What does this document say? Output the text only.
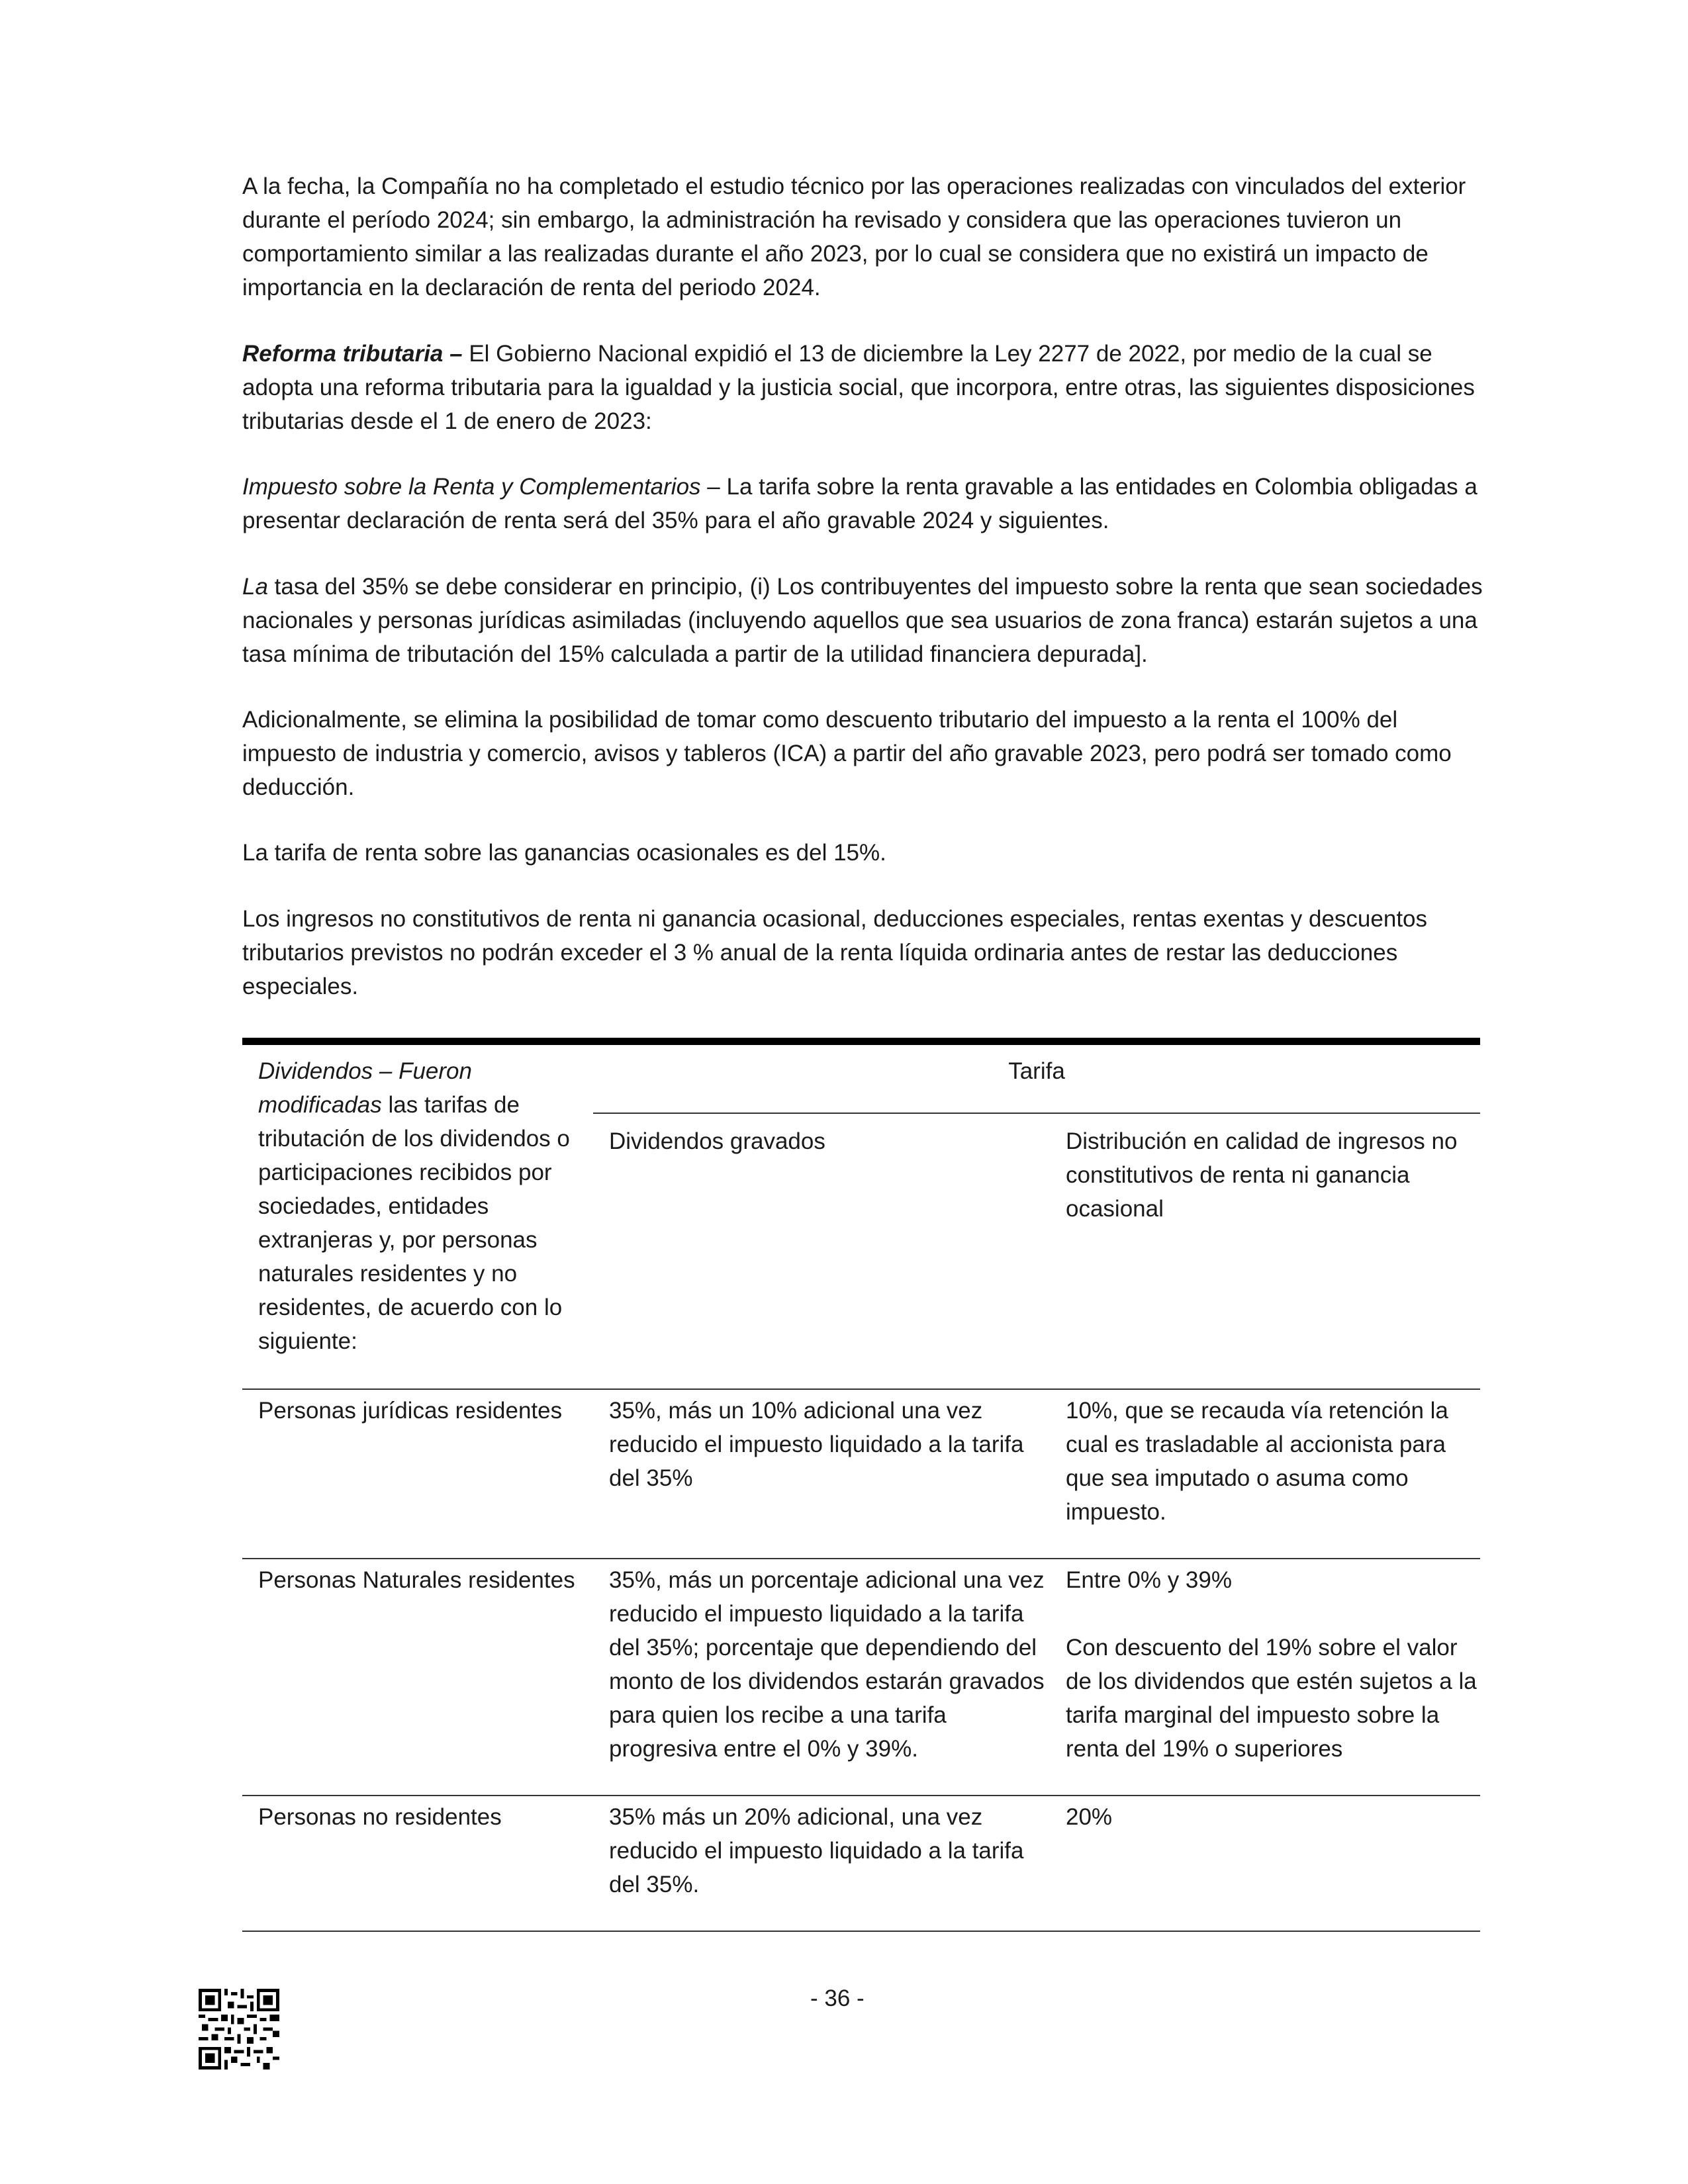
A la fecha, la Compañía no ha completado el estudio técnico por las operaciones realizadas con vinculados del exterior durante el período 2024; sin embargo, la administración ha revisado y considera que las operaciones tuvieron un comportamiento similar a las realizadas durante el año 2023, por lo cual se considera que no existirá un impacto de importancia en la declaración de renta del periodo 2024.

Reforma tributaria – El Gobierno Nacional expidió el 13 de diciembre la Ley 2277 de 2022, por medio de la cual se adopta una reforma tributaria para la igualdad y la justicia social, que incorpora, entre otras, las siguientes disposiciones tributarias desde el 1 de enero de 2023:

Impuesto sobre la Renta y Complementarios – La tarifa sobre la renta gravable a las entidades en Colombia obligadas a presentar declaración de renta será del 35% para el año gravable 2024 y siguientes.

La tasa del 35% se debe considerar en principio, (i) Los contribuyentes del impuesto sobre la renta que sean sociedades nacionales y personas jurídicas asimiladas (incluyendo aquellos que sea usuarios de zona franca) estarán sujetos a una tasa mínima de tributación del 15% calculada a partir de la utilidad financiera depurada].

Adicionalmente, se elimina la posibilidad de tomar como descuento tributario del impuesto a la renta el 100% del impuesto de industria y comercio, avisos y tableros (ICA) a partir del año gravable 2023, pero podrá ser tomado como deducción.

La tarifa de renta sobre las ganancias ocasionales es del 15%.

Los ingresos no constitutivos de renta ni ganancia ocasional, deducciones especiales, rentas exentas y descuentos tributarios previstos no podrán exceder el 3 % anual de la renta líquida ordinaria antes de restar las deducciones especiales.

Dividendos – Fueron modificadas las tarifas de tributación de los dividendos o participaciones recibidos por sociedades, entidades extranjeras y, por personas naturales residentes y no residentes, de acuerdo con lo siguiente:	Tarifa	
	Dividendos gravados	Distribución en calidad de ingresos no constitutivos de renta ni ganancia ocasional
Personas jurídicas residentes	35%, más un 10% adicional una vez reducido el impuesto liquidado a la tarifa del 35%	10%, que se recauda vía retención la cual es trasladable al accionista para que sea imputado o asuma como impuesto.
Personas Naturales residentes	35%, más un porcentaje adicional una vez reducido el impuesto liquidado a la tarifa del 35%; porcentaje que dependiendo del monto de los dividendos estarán gravados para quien los recibe a una tarifa progresiva entre el 0% y 39%.	Entre 0% y 39%
Con descuento del 19% sobre el valor de los dividendos que estén sujetos a la tarifa marginal del impuesto sobre la renta del 19% o superiores

Personas no residentes	35% más un 20% adicional, una vez reducido el impuesto liquidado a la tarifa del 35%.	20%
- 36 -
